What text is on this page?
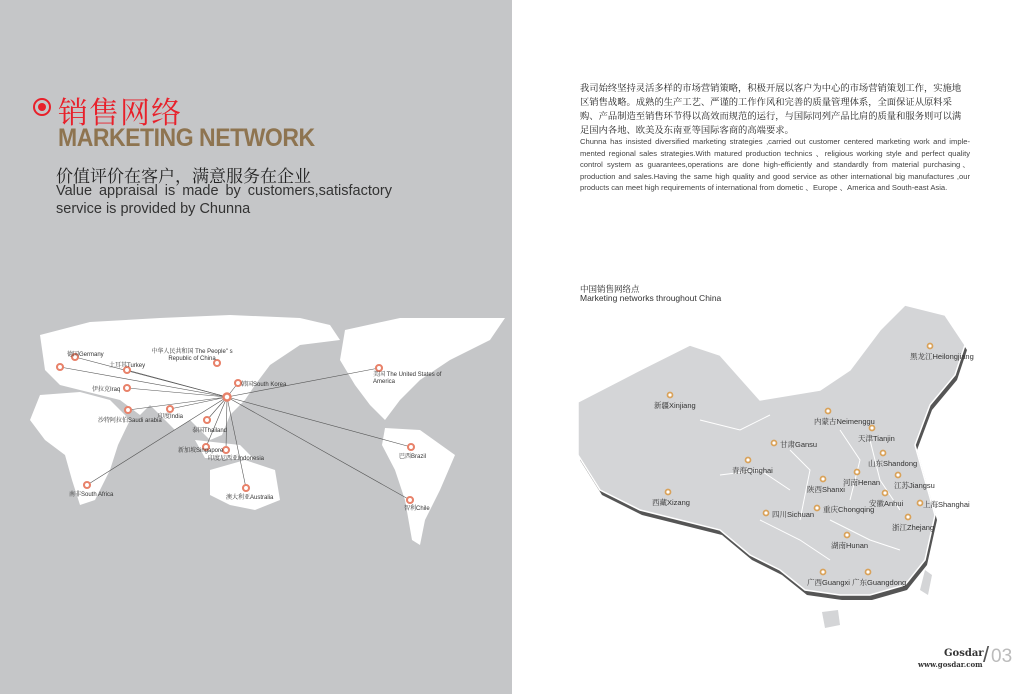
德国Germany
土耳其Turkey
伊拉克Iraq
沙特阿拉伯Saudi arabia
印度India
泰国Thailand
新加坡Singapore
印度尼西亚Indonesia
韩国South Korea
中华人民共和国 The People" s Republic of China
美国 The United States of America
巴西Brazil
智利Chile
澳大利亚Australia
南非South Africa
黑龙江Heilongjiang
新疆Xinjiang
内蒙古Neimenggu
天津Tianjin
甘肃Gansu
山东Shandong
青海Qinghai
河南Henan 江苏Jiangsu
陕西Shanxi
安徽Anhui
西藏Xizang	上海Shanghai
重庆Chongqing
四川Sichuan
浙江Zhejang
湖南Hunan
广西Guangxi 广东Guangdong
销售网络
MARKETING NETWORK
价值评价在客户，满意服务在企业
Value appraisal is made by customers,satisfactory service is provided by Chunna
我司始终坚持灵活多样的市场营销策略，积极开展以客户为中心的市场营销策划工作，实施地区销售战略。成熟的生产工艺、严谨的工作作风和完善的质量管理体系，全面保证从原料采购、产品制造至销售环节得以高效而规范的运行，与国际同列产品比肩的质量和服务则可以满足国内各地、欧美及东南亚等国际客商的高端要求。
Chunna has insisted diversified marketing strategies ,carried out customer centered marketing work and imple-mented regional sales strategies.With matured production technics 、religious working style and perfect quality control system as guarantees,operations are done high-efficiently and standardly from material purchasing、production and sales.Having the same high quality and good service as other international big manufactures ,our products can meet high requirements of international from dometic 、Europe 、America and South-east Asia.
中国销售网络点
Marketing networks throughout China
Gosdar
www.gosdar.com / 03
